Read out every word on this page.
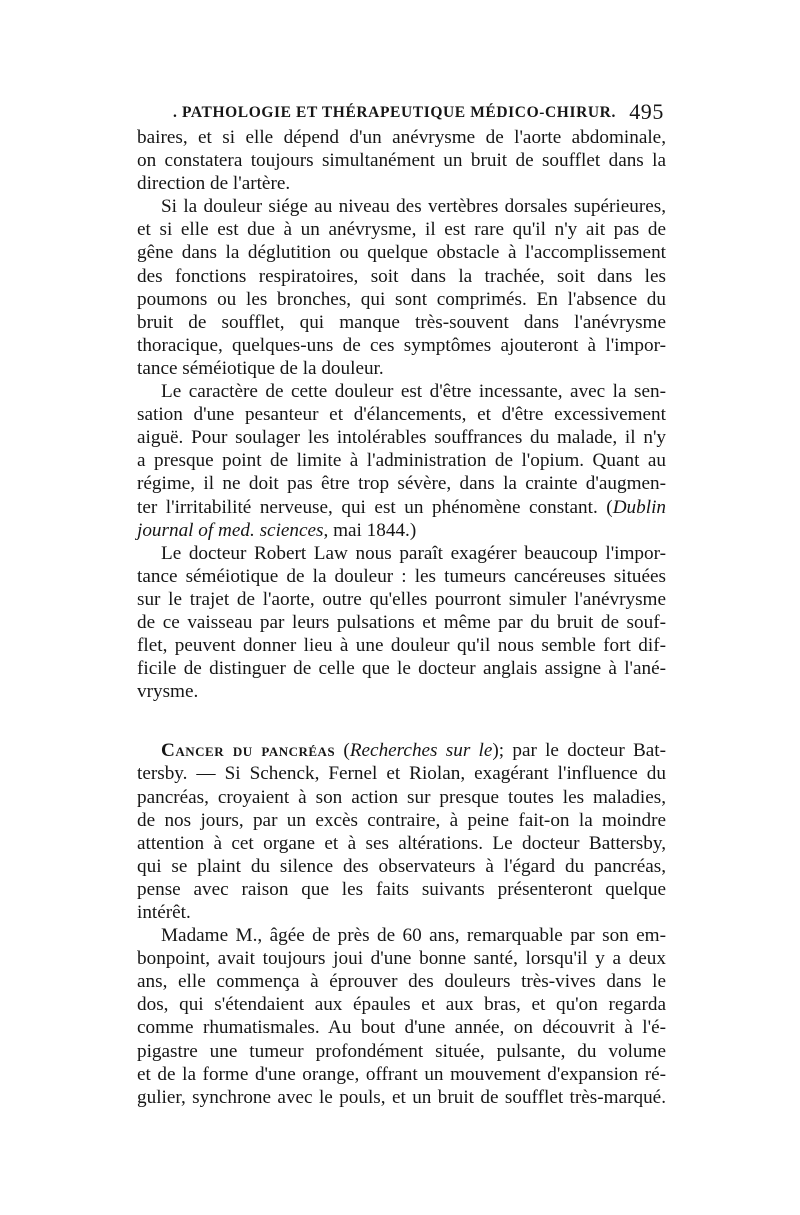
. PATHOLOGIE ET THÉRAPEUTIQUE MÉDICO-CHIRUR. 495
baires, et si elle dépend d'un anévrysme de l'aorte abdominale,
on constatera toujours simultanément un bruit de soufflet dans la
direction de l'artère.
Si la douleur siége au niveau des vertèbres dorsales supérieures,
et si elle est due à un anévrysme, il est rare qu'il n'y ait pas de
gêne dans la déglutition ou quelque obstacle à l'accomplissement
des fonctions respiratoires, soit dans la trachée, soit dans les
poumons ou les bronches, qui sont comprimés. En l'absence du
bruit de soufflet, qui manque très-souvent dans l'anévrysme
thoracique, quelques-uns de ces symptômes ajouteront à l'impor-
tance séméiotique de la douleur.
Le caractère de cette douleur est d'être incessante, avec la sen-
sation d'une pesanteur et d'élancements, et d'être excessivement
aiguë. Pour soulager les intolérables souffrances du malade, il n'y
a presque point de limite à l'administration de l'opium. Quant au
régime, il ne doit pas être trop sévère, dans la crainte d'augmen-
ter l'irritabilité nerveuse, qui est un phénomène constant. (Dublin
journal of med. sciences, mai 1844.)
Le docteur Robert Law nous paraît exagérer beaucoup l'impor-
tance séméiotique de la douleur : les tumeurs cancéreuses situées
sur le trajet de l'aorte, outre qu'elles pourront simuler l'anévrysme
de ce vaisseau par leurs pulsations et même par du bruit de souf-
flet, peuvent donner lieu à une douleur qu'il nous semble fort dif-
ficile de distinguer de celle que le docteur anglais assigne à l'ané-
vrysme.
Cancer du pancréas (Recherches sur le); par le docteur Bat-
tersby. — Si Schenck, Fernel et Riolan, exagérant l'influence du
pancréas, croyaient à son action sur presque toutes les maladies,
de nos jours, par un excès contraire, à peine fait-on la moindre
attention à cet organe et à ses altérations. Le docteur Battersby,
qui se plaint du silence des observateurs à l'égard du pancréas,
pense avec raison que les faits suivants présenteront quelque
intérêt.
Madame M., âgée de près de 60 ans, remarquable par son em-
bonpoint, avait toujours joui d'une bonne santé, lorsqu'il y a deux
ans, elle commença à éprouver des douleurs très-vives dans le
dos, qui s'étendaient aux épaules et aux bras, et qu'on regarda
comme rhumatismales. Au bout d'une année, on découvrit à l'é-
pigastre une tumeur profondément située, pulsante, du volume
et de la forme d'une orange, offrant un mouvement d'expansion ré-
gulier, synchrone avec le pouls, et un bruit de soufflet très-marqué.
